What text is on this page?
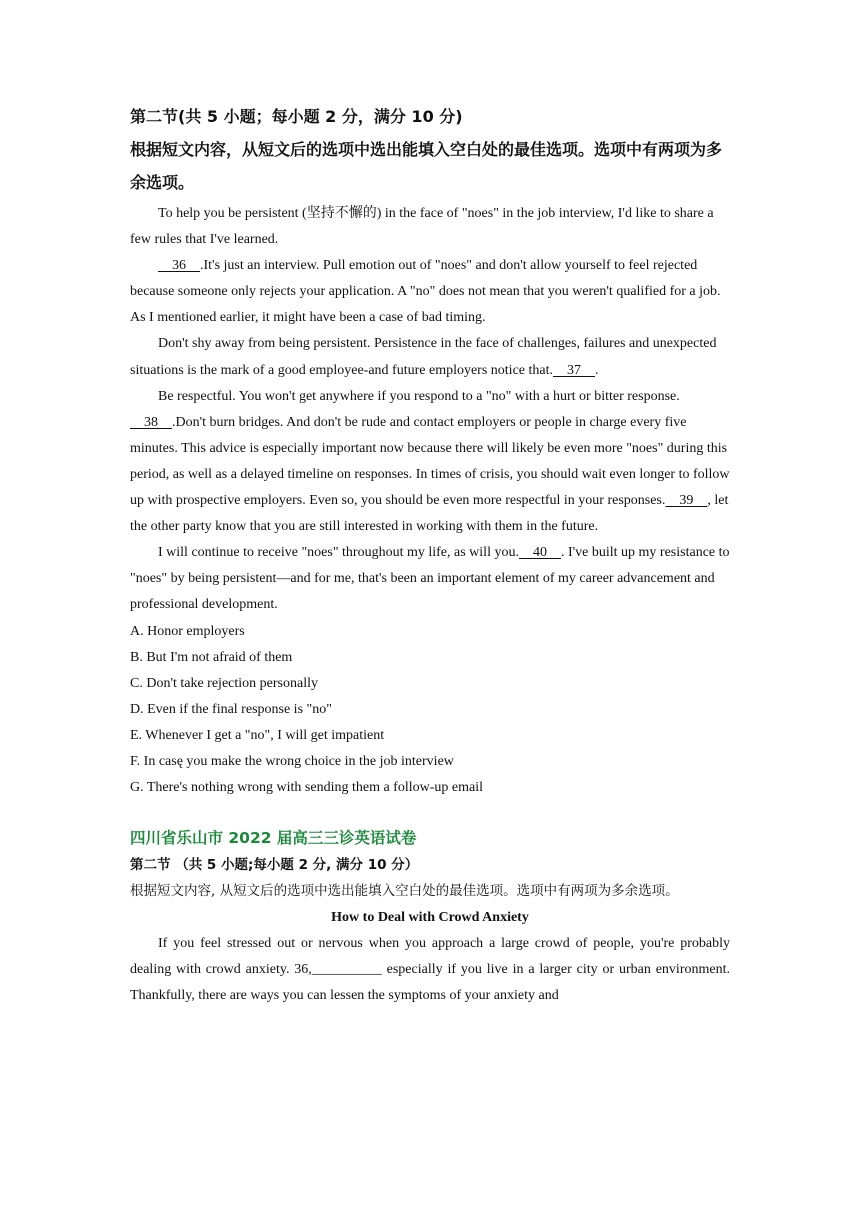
第二节(共 5 小题；每小题 2 分，满分 10 分)

根据短文内容，从短文后的选项中选出能填入空白处的最佳选项。选项中有两项为多余选项。

To help you be persistent (坚持不懈的) in the face of "noes" in the job interview, I'd like to share a few rules that I've learned.

36    .It's just an interview. Pull emotion out of "noes" and don't allow yourself to feel rejected because someone only rejects your application. A "no" does not mean that you weren't qualified for a job. As I mentioned earlier, it might have been a case of bad timing.

Don't shy away from being persistent. Persistence in the face of challenges, failures and unexpected situations is the mark of a good employee-and future employers notice that.    37    .

Be respectful. You won't get anywhere if you respond to a "no" with a hurt or bitter response.    38    .Don't burn bridges. And don't be rude and contact employers or people in charge every five minutes. This advice is especially important now because there will likely be even more "noes" during this period, as well as a delayed timeline on responses. In times of crisis, you should wait even longer to follow up with prospective employers. Even so, you should be even more respectful in your responses.    39    , let the other party know that you are still interested in working with them in the future.

I will continue to receive "noes" throughout my life, as will you.    40    . I've built up my resistance to "noes" by being persistent—and for me, that's been an important element of my career advancement and professional development.

A. Honor employers

B. But I'm not afraid of them

C. Don't take rejection personally

D. Even if the final response is "no"

E. Whenever I get a "no", I will get impatient

F. In casę you make the wrong choice in the job interview

G. There's nothing wrong with sending them a follow-up email

四川省乐山市 2022 届高三三诊英语试卷

第二节 （共 5 小题;每小题 2 分, 满分 10 分）

根据短文内容, 从短文后的选项中选出能填入空白处的最佳选项。选项中有两项为多余选项。

How to Deal with Crowd Anxiety

If you feel stressed out or nervous when you approach a large crowd of people, you're probably dealing with crowd anxiety. 36,__________ especially if you live in a larger city or urban environment. Thankfully, there are ways you can lessen the symptoms of your anxiety and
